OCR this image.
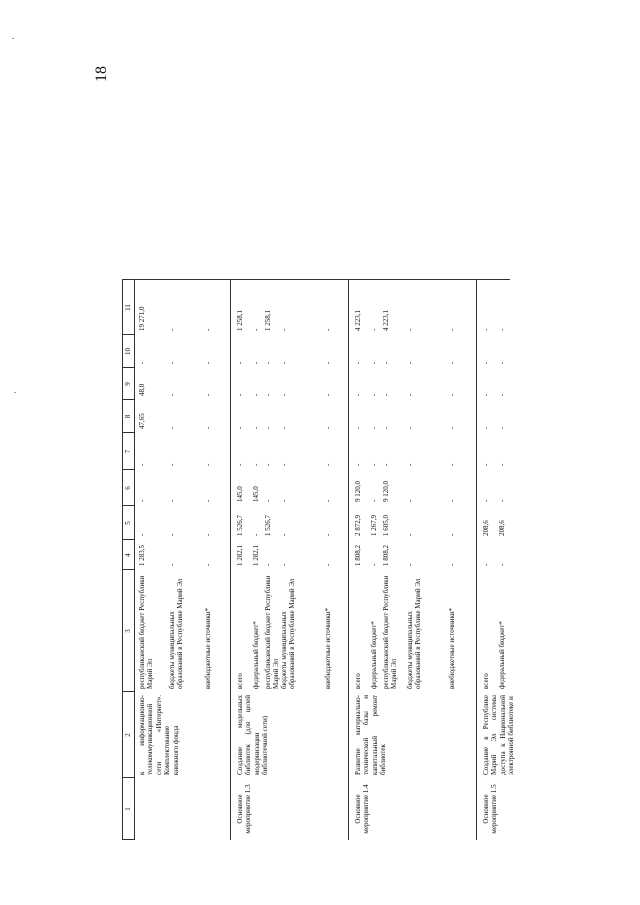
18
1
2
3
4
5
6
7
8
9
10
11
к информационно-телекоммуникационной сети «Интернет». Комплектование книжного фонда
республиканский бюджет Республики Марий Эл
1 283,5
-
-
-
47,65
48,0
-
19 271,0
бюджеты муниципальных образований в Республике Марий Эл
-
-
-
-
-
-
-
-
внебюджетные источники*
-
-
-
-
-
-
-
-
Основное мероприятие 1.3
Создание модельных библиотек (для целей модернизации библиотечной сети)
всего
1 282,1
1 526,7
145,0
-
-
-
-
1 258,1
федеральный бюджет*
1 282,1
-
145,0
-
-
-
-
-
республиканский бюджет Республики Марий Эл
-
1 526,7
-
-
-
-
-
1 258,1
бюджеты муниципальных образований в Республике Марий Эл
-
-
-
-
-
-
-
-
внебюджетные источники*
-
-
-
-
-
-
-
-
Основное мероприятие 1.4
Развитие материально-технической базы и капитальный ремонт библиотек
всего
1 808,2
2 872,9
9 120,0
-
-
-
-
4 223,1
федеральный бюджет*
-
1 267,9
-
-
-
-
-
-
республиканский бюджет Республики Марий Эл
1 808,2
1 605,0
9 120,0
-
-
-
-
4 223,1
бюджеты муниципальных образований в Республике Марий Эл
-
-
-
-
-
-
-
-
внебюджетные источники*
-
-
-
-
-
-
-
-
Основное мероприятие 1.5
Создание в Республике Марий Эл системы доступа к Национальной электронной библиотеке и
всего
-
208,6
-
-
-
-
-
-
федеральный бюджет*
-
208,6
-
-
-
-
-
-
